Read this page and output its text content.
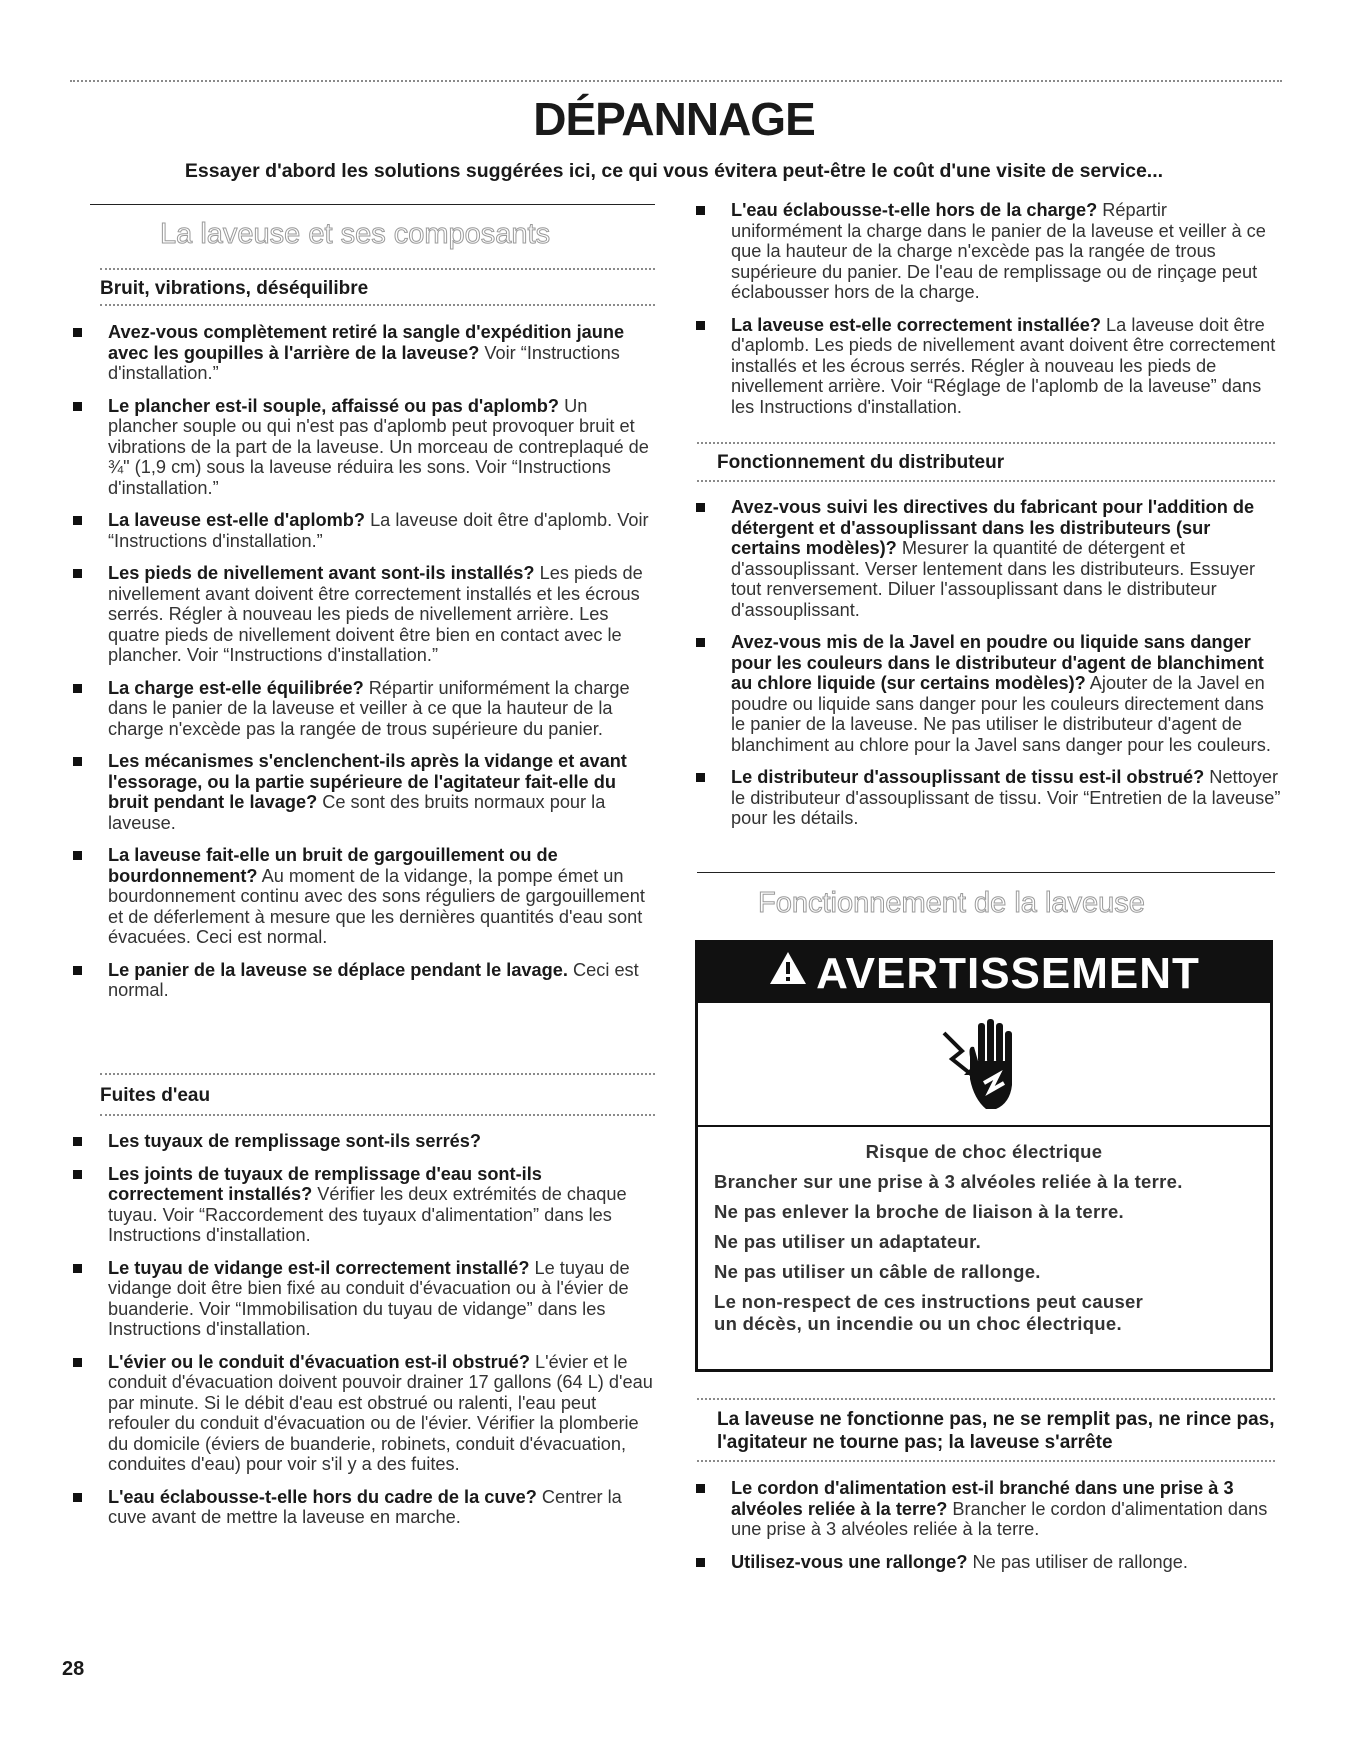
DÉPANNAGE

Essayer d'abord les solutions suggérées ici, ce qui vous évitera peut-être le coût d'une visite de service...

La laveuse et ses composants
Bruit, vibrations, déséquilibre
Avez-vous complètement retiré la sangle d'expédition jaune avec les goupilles à l'arrière de la laveuse? Voir “Instructions d'installation.”
Le plancher est-il souple, affaissé ou pas d'aplomb? Un plancher souple ou qui n'est pas d'aplomb peut provoquer bruit et vibrations de la part de la laveuse. Un morceau de contreplaqué de ¾" (1,9 cm) sous la laveuse réduira les sons. Voir “Instructions d'installation.”
La laveuse est-elle d'aplomb? La laveuse doit être d'aplomb. Voir “Instructions d'installation.”
Les pieds de nivellement avant sont-ils installés? Les pieds de nivellement avant doivent être correctement installés et les écrous serrés. Régler à nouveau les pieds de nivellement arrière. Les quatre pieds de nivellement doivent être bien en contact avec le plancher. Voir “Instructions d'installation.”
La charge est-elle équilibrée? Répartir uniformément la charge dans le panier de la laveuse et veiller à ce que la hauteur de la charge n'excède pas la rangée de trous supérieure du panier.
Les mécanismes s'enclenchent-ils après la vidange et avant l'essorage, ou la partie supérieure de l'agitateur fait-elle du bruit pendant le lavage? Ce sont des bruits normaux pour la laveuse.
La laveuse fait-elle un bruit de gargouillement ou de bourdonnement? Au moment de la vidange, la pompe émet un bourdonnement continu avec des sons réguliers de gargouillement et de déferlement à mesure que les dernières quantités d'eau sont évacuées. Ceci est normal.
Le panier de la laveuse se déplace pendant le lavage. Ceci est normal.
Fuites d'eau
Les tuyaux de remplissage sont-ils serrés?
Les joints de tuyaux de remplissage d'eau sont-ils correctement installés? Vérifier les deux extrémités de chaque tuyau. Voir “Raccordement des tuyaux d'alimentation” dans les Instructions d'installation.
Le tuyau de vidange est-il correctement installé? Le tuyau de vidange doit être bien fixé au conduit d'évacuation ou à l'évier de buanderie. Voir “Immobilisation du tuyau de vidange” dans les Instructions d'installation.
L'évier ou le conduit d'évacuation est-il obstrué? L'évier et le conduit d'évacuation doivent pouvoir drainer 17 gallons (64 L) d'eau par minute. Si le débit d'eau est obstrué ou ralenti, l'eau peut refouler du conduit d'évacuation ou de l'évier. Vérifier la plomberie du domicile (éviers de buanderie, robinets, conduit d'évacuation, conduites d'eau) pour voir s'il y a des fuites.
L'eau éclabousse-t-elle hors du cadre de la cuve? Centrer la cuve avant de mettre la laveuse en marche.
L'eau éclabousse-t-elle hors de la charge? Répartir uniformément la charge dans le panier de la laveuse et veiller à ce que la hauteur de la charge n'excède pas la rangée de trous supérieure du panier. De l'eau de remplissage ou de rinçage peut éclabousser hors de la charge.
La laveuse est-elle correctement installée? La laveuse doit être d'aplomb. Les pieds de nivellement avant doivent être correctement installés et les écrous serrés. Régler à nouveau les pieds de nivellement arrière. Voir “Réglage de l'aplomb de la laveuse” dans les Instructions d'installation.
Fonctionnement du distributeur
Avez-vous suivi les directives du fabricant pour l'addition de détergent et d'assouplissant dans les distributeurs (sur certains modèles)? Mesurer la quantité de détergent et d'assouplissant. Verser lentement dans les distributeurs. Essuyer tout renversement. Diluer l'assouplissant dans le distributeur d'assouplissant.
Avez-vous mis de la Javel en poudre ou liquide sans danger pour les couleurs dans le distributeur d'agent de blanchiment au chlore liquide (sur certains modèles)? Ajouter de la Javel en poudre ou liquide sans danger pour les couleurs directement dans le panier de la laveuse. Ne pas utiliser le distributeur d'agent de blanchiment au chlore pour la Javel sans danger pour les couleurs.
Le distributeur d'assouplissant de tissu est-il obstrué? Nettoyer le distributeur d'assouplissant de tissu. Voir “Entretien de la laveuse” pour les détails.
Fonctionnement de la laveuse
AVERTISSEMENT

Risque de choc électrique

Brancher sur une prise à 3 alvéoles reliée à la terre.

Ne pas enlever la broche de liaison à la terre.

Ne pas utiliser un adaptateur.

Ne pas utiliser un câble de rallonge.

Le non-respect de ces instructions peut causer un décès, un incendie ou un choc électrique.

La laveuse ne fonctionne pas, ne se remplit pas, ne rince pas, l'agitateur ne tourne pas; la laveuse s'arrête
Le cordon d'alimentation est-il branché dans une prise à 3 alvéoles reliée à la terre? Brancher le cordon d'alimentation dans une prise à 3 alvéoles reliée à la terre.
Utilisez-vous une rallonge? Ne pas utiliser de rallonge.
28
